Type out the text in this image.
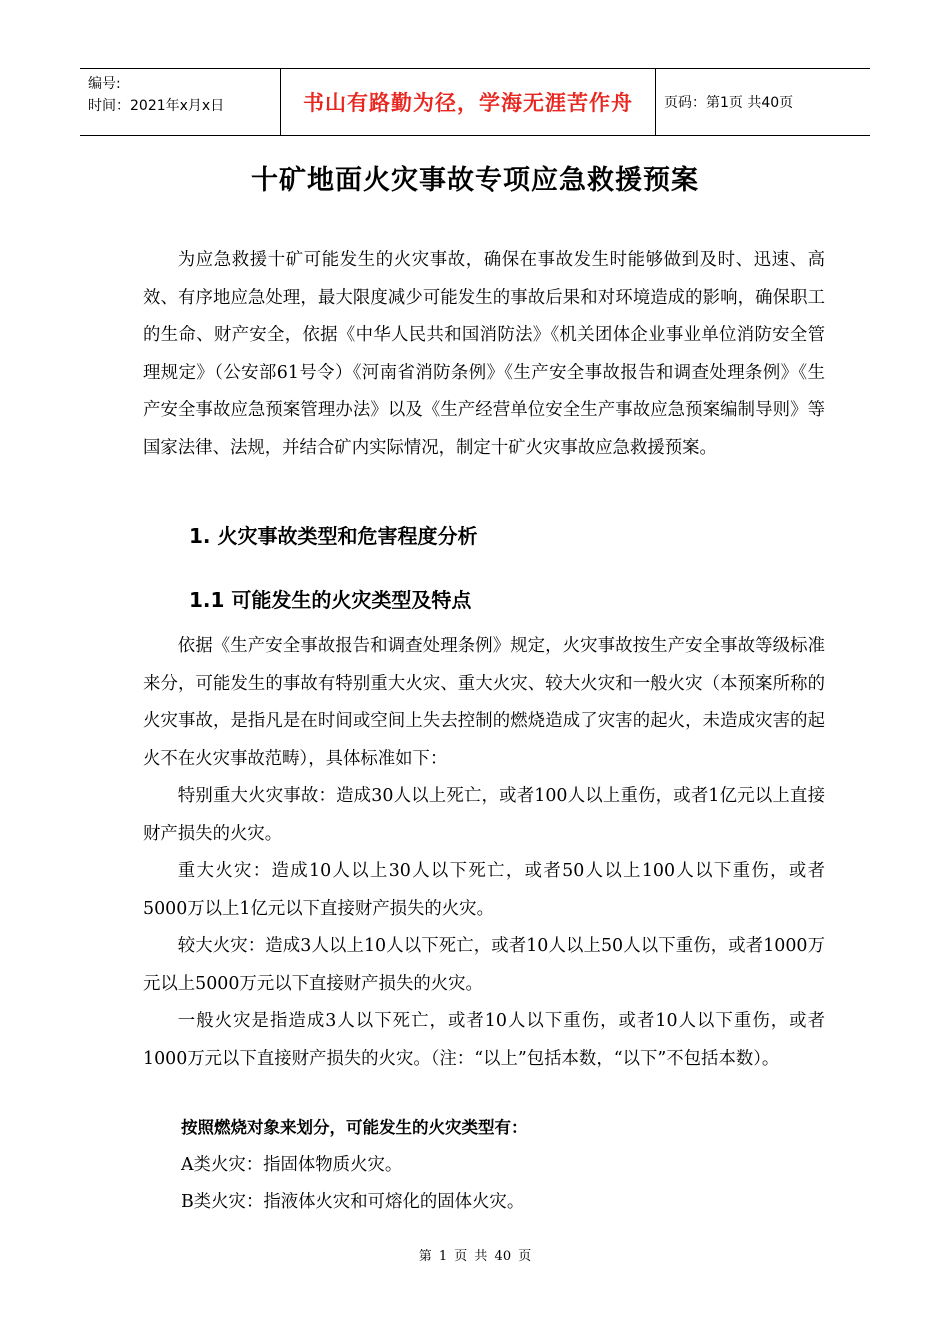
编号:
时间：2021年x月x日	书山有路勤为径，学海无涯苦作舟	页码：第1页 共40页
十矿地面火灾事故专项应急救援预案

为应急救援十矿可能发生的火灾事故，确保在事故发生时能够做到及时、迅速、高效、有序地应急处理，最大限度减少可能发生的事故后果和对环境造成的影响，确保职工的生命、财产安全，依据《中华人民共和国消防法》《机关团体企业事业单位消防安全管理规定》（公安部61号令）《河南省消防条例》《生产安全事故报告和调查处理条例》《生产安全事故应急预案管理办法》以及《生产经营单位安全生产事故应急预案编制导则》等国家法律、法规，并结合矿内实际情况，制定十矿火灾事故应急救援预案。

1. 火灾事故类型和危害程度分析
1.1 可能发生的火灾类型及特点

依据《生产安全事故报告和调查处理条例》规定，火灾事故按生产安全事故等级标准来分，可能发生的事故有特别重大火灾、重大火灾、较大火灾和一般火灾（本预案所称的火灾事故，是指凡是在时间或空间上失去控制的燃烧造成了灾害的起火，未造成灾害的起火不在火灾事故范畴），具体标准如下：

特别重大火灾事故：造成30人以上死亡，或者100人以上重伤，或者1亿元以上直接财产损失的火灾。

重大火灾：造成10人以上30人以下死亡，或者50人以上100人以下重伤，或者5000万以上1亿元以下直接财产损失的火灾。

较大火灾：造成3人以上10人以下死亡，或者10人以上50人以下重伤，或者1000万元以上5000万元以下直接财产损失的火灾。

一般火灾是指造成3人以下死亡，或者10人以下重伤，或者10人以下重伤，或者1000万元以下直接财产损失的火灾。（注：“以上”包括本数，“以下”不包括本数）。

按照燃烧对象来划分，可能发生的火灾类型有：
A类火灾：指固体物质火灾。
B类火灾：指液体火灾和可熔化的固体火灾。
第 1 页 共 40 页
